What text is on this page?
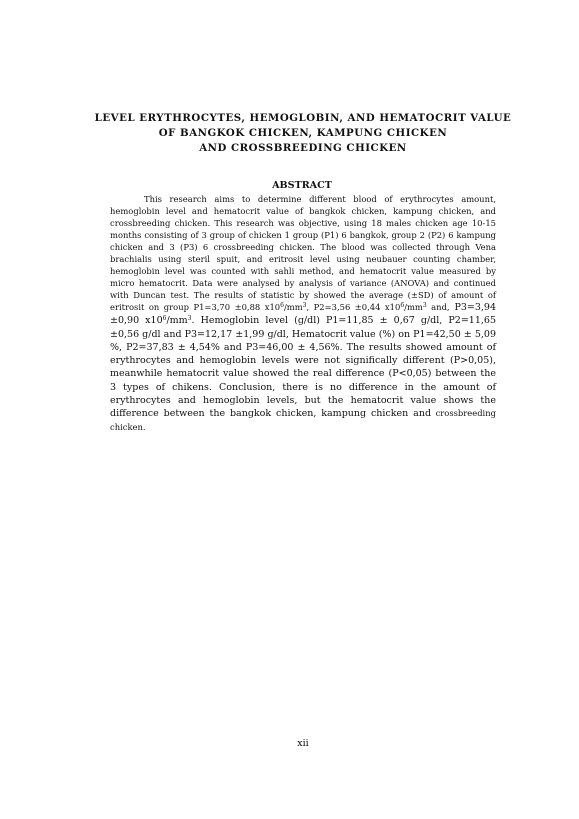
LEVEL ERYTHROCYTES, HEMOGLOBIN, AND HEMATOCRIT VALUE
OF BANGKOK CHICKEN, KAMPUNG CHICKEN
AND CROSSBREEDING CHICKEN
ABSTRACT

This research aims to determine different blood of erythrocytes amount, hemoglobin level and hematocrit value of bangkok chicken, kampung chicken, and crossbreeding chicken. This research was objective, using 18 males chicken age 10-15 months consisting of 3 group of chicken 1 group (P1) 6 bangkok, group 2 (P2) 6 kampung chicken and 3 (P3) 6 crossbreeding chicken. The blood was collected through Vena brachialis using steril spuit, and eritrosit level using neubauer counting chamber, hemoglobin level was counted with sahli method, and hematocrit value measured by micro hematocrit. Data were analysed by analysis of variance (ANOVA) and continued with Duncan test. The results of statistic by showed the average (±SD) of amount of eritrosit on group P1=3,70 ±0,88 $x10^6/mm^3$, P2=3,56 ±0,44 $x10^6/mm^3$ and, P3=3,94 ±0,90 $x10^6/mm^3$. Hemoglobin level (g/dl) P1=11,85 ± 0,67 g/dl, P2=11,65 ±0,56 g/dl and P3=12,17 ±1,99 g/dl, Hematocrit value (%) on P1=42,50 ± 5,09 %, P2=37,83 ± 4,54% and P3=46,00 ± 4,56%. The results showed amount of erythrocytes and hemoglobin levels were not significally different (P>0,05), meanwhile hematocrit value showed the real difference (P<0,05) between the 3 types of chikens. Conclusion, there is no difference in the amount of erythrocytes and hemoglobin levels, but the hematocrit value shows the difference between the bangkok chicken, kampung chicken and crossbreeding chicken.

xii
